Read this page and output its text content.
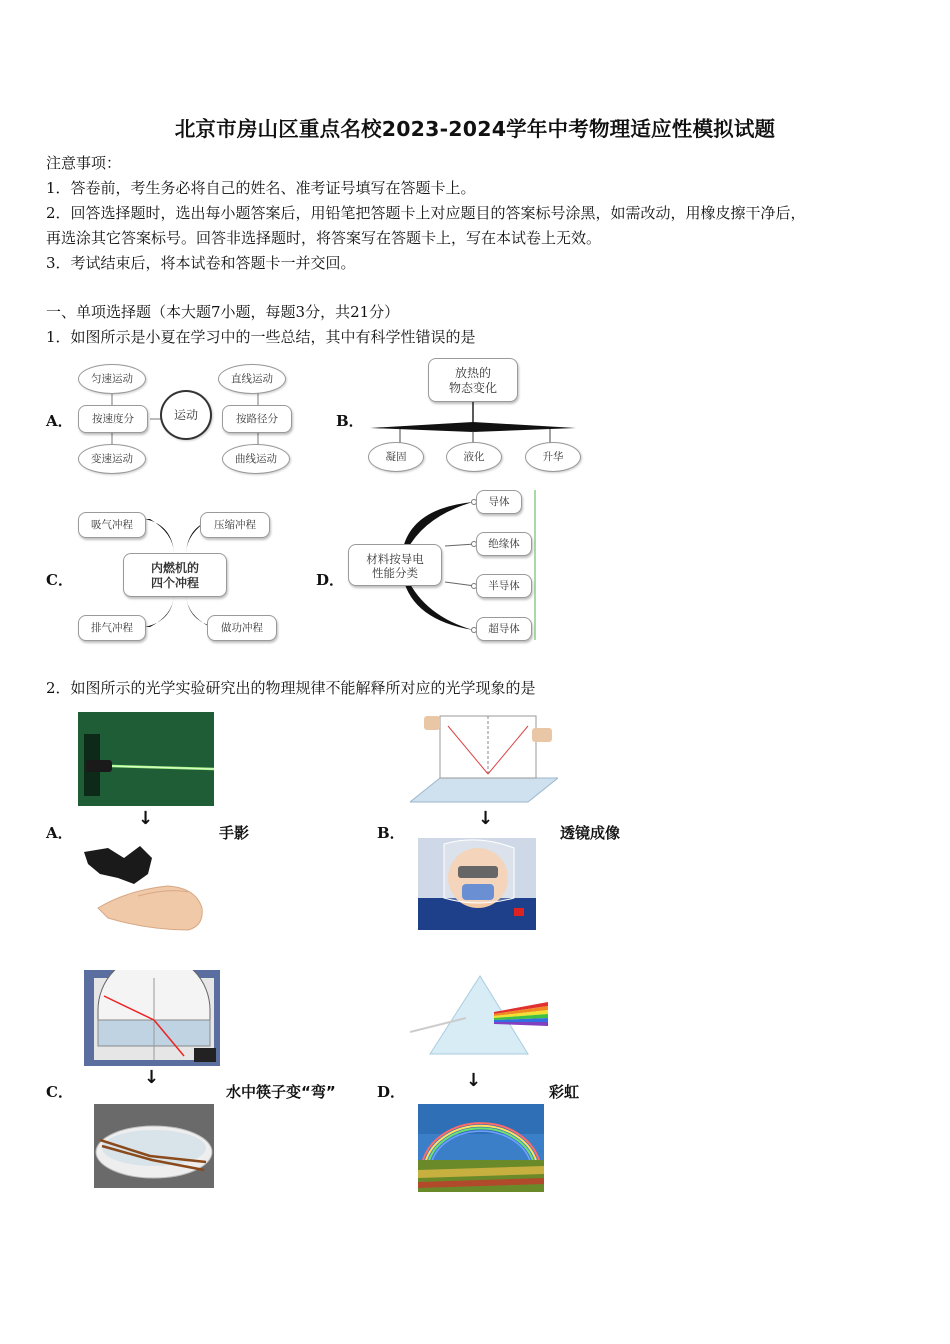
北京市房山区重点名校2023-2024学年中考物理适应性模拟试题
注意事项：
1．答卷前，考生务必将自己的姓名、准考证号填写在答题卡上。
2．回答选择题时，选出每小题答案后，用铅笔把答题卡上对应题目的答案标号涂黑，如需改动，用橡皮擦干净后，
再选涂其它答案标号。回答非选择题时，将答案写在答题卡上，写在本试卷上无效。
3．考试结束后，将本试卷和答题卡一并交回。
一、单项选择题（本大题7小题，每题3分，共21分）
1．如图所示是小夏在学习中的一些总结，其中有科学性错误的是
A．	B．
C．	D．
匀速运动
按速度分
变速运动
运动
直线运动
按路径分
曲线运动
放热的
物态变化
凝固	液化	升华
吸气冲程	压缩冲程
内燃机的
四个冲程
排气冲程	做功冲程
材料按导电
性能分类
导体
绝缘体
半导体
超导体
2．如图所示的光学实验研究出的物理规律不能解释所对应的光学现象的是
↓
A．	手影
↓
B．	透镜成像
↓
C．	水中筷子变“弯”
↓
D．	彩虹
